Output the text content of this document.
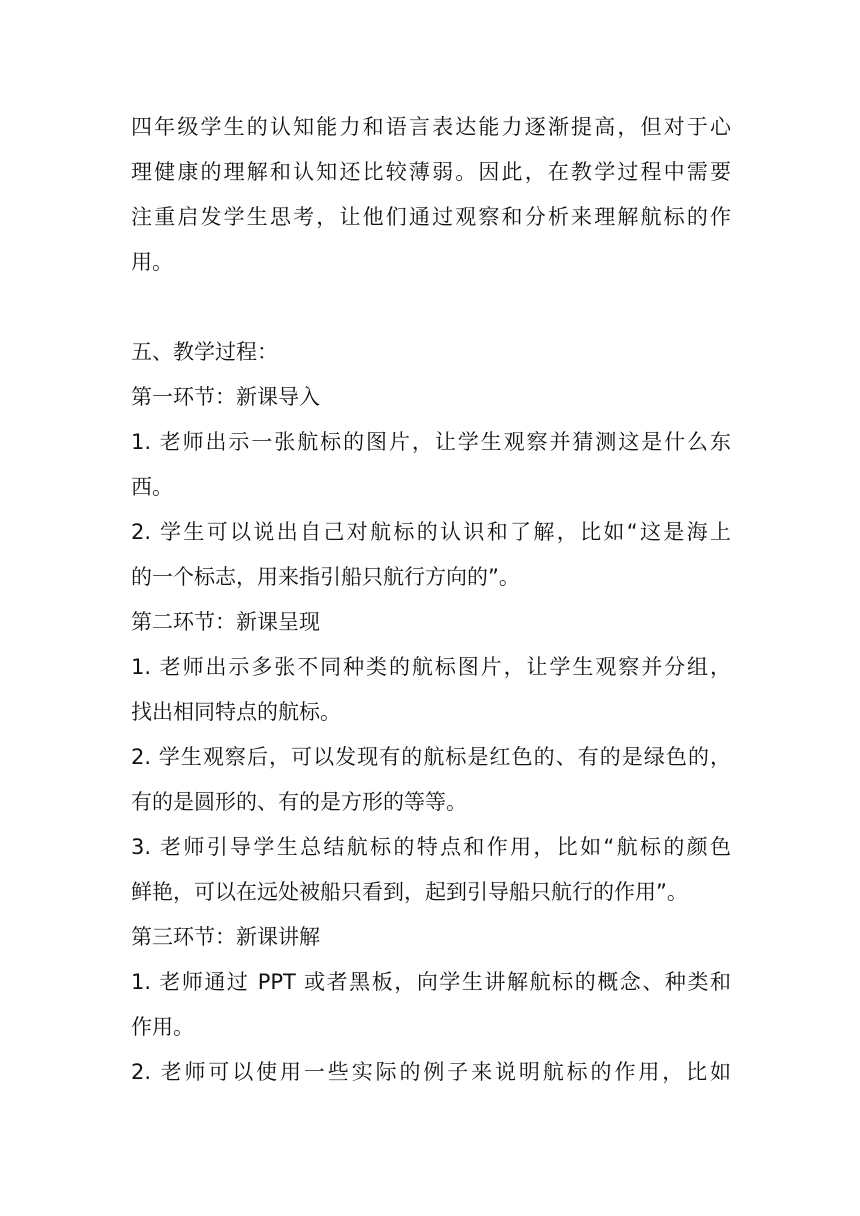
四年级学生的认知能力和语言表达能力逐渐提高，但对于心
理健康的理解和认知还比较薄弱。因此，在教学过程中需要
注重启发学生思考，让他们通过观察和分析来理解航标的作
用。
五、教学过程：
第一环节：新课导入
1. 老师出示一张航标的图片，让学生观察并猜测这是什么东
西。
2. 学生可以说出自己对航标的认识和了解，比如“这是海上
的一个标志，用来指引船只航行方向的”。
第二环节：新课呈现
1. 老师出示多张不同种类的航标图片，让学生观察并分组，
找出相同特点的航标。
2. 学生观察后，可以发现有的航标是红色的、有的是绿色的，
有的是圆形的、有的是方形的等等。
3. 老师引导学生总结航标的特点和作用，比如“航标的颜色
鲜艳，可以在远处被船只看到，起到引导船只航行的作用”。
第三环节：新课讲解
1. 老师通过 PPT 或者黑板，向学生讲解航标的概念、种类和
作用。
2. 老师可以使用一些实际的例子来说明航标的作用，比如
